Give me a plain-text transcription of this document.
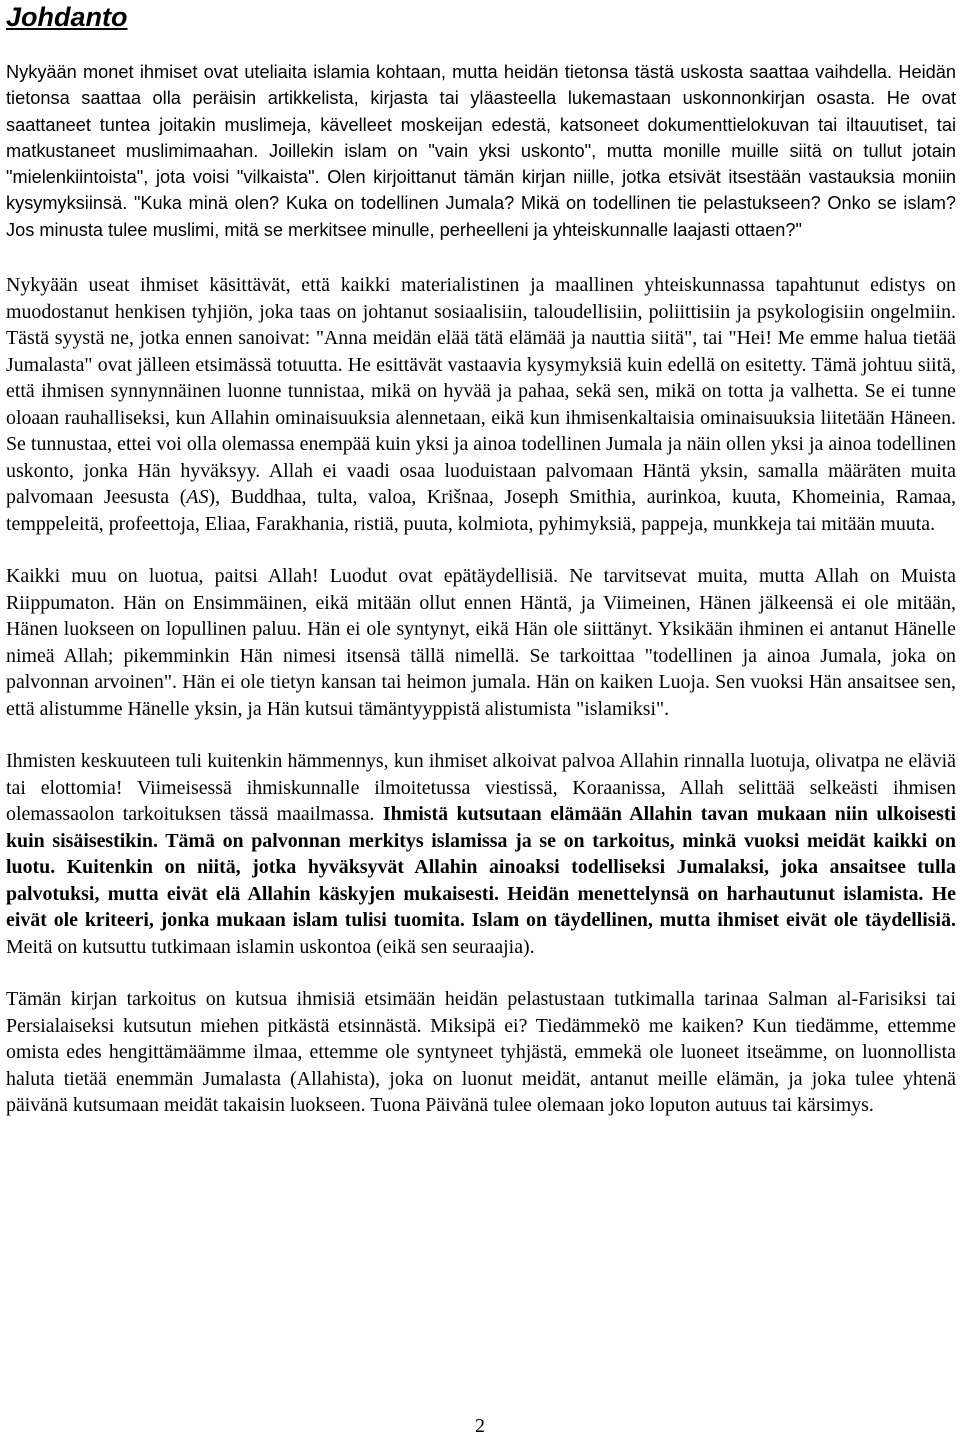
Johdanto

Nykyään monet ihmiset ovat uteliaita islamia kohtaan, mutta heidän tietonsa tästä uskosta saattaa vaihdella. Heidän tietonsa saattaa olla peräisin artikkelista, kirjasta tai yläasteella lukemastaan uskonnonkirjan osasta. He ovat saattaneet tuntea joitakin muslimeja, kävelleet moskeijan edestä, katsoneet dokumenttielokuvan tai iltauutiset, tai matkustaneet muslimimaahan. Joillekin islam on "vain yksi uskonto", mutta monille muille siitä on tullut jotain "mielenkiintoista", jota voisi "vilkaista". Olen kirjoittanut tämän kirjan niille, jotka etsivät itsestään vastauksia moniin kysymyksiinsä. "Kuka minä olen? Kuka on todellinen Jumala? Mikä on todellinen tie pelastukseen? Onko se islam? Jos minusta tulee muslimi, mitä se merkitsee minulle, perheelleni ja yhteiskunnalle laajasti ottaen?"

Nykyään useat ihmiset käsittävät, että kaikki materialistinen ja maallinen yhteiskunnassa tapahtunut edistys on muodostanut henkisen tyhjiön, joka taas on johtanut sosiaalisiin, taloudellisiin, poliittisiin ja psykologisiin ongelmiin. Tästä syystä ne, jotka ennen sanoivat: "Anna meidän elää tätä elämää ja nauttia siitä", tai "Hei! Me emme halua tietää Jumalasta" ovat jälleen etsimässä totuutta. He esittävät vastaavia kysymyksiä kuin edellä on esitetty. Tämä johtuu siitä, että ihmisen synnynnäinen luonne tunnistaa, mikä on hyvää ja pahaa, sekä sen, mikä on totta ja valhetta. Se ei tunne oloaan rauhalliseksi, kun Allahin ominaisuuksia alennetaan, eikä kun ihmisenkaltaisia ominaisuuksia liitetään Häneen. Se tunnustaa, ettei voi olla olemassa enempää kuin yksi ja ainoa todellinen Jumala ja näin ollen yksi ja ainoa todellinen uskonto, jonka Hän hyväksyy. Allah ei vaadi osaa luoduistaan palvomaan Häntä yksin, samalla määräten muita palvomaan Jeesusta (AS), Buddhaa, tulta, valoa, Krišnaa, Joseph Smithia, aurinkoa, kuuta, Khomeinia, Ramaa, temppeleitä, profeettoja, Eliaa, Farakhania, ristiä, puuta, kolmiota, pyhimyksiä, pappeja, munkkeja tai mitään muuta.

Kaikki muu on luotua, paitsi Allah! Luodut ovat epätäydellisiä. Ne tarvitsevat muita, mutta Allah on Muista Riippumaton. Hän on Ensimmäinen, eikä mitään ollut ennen Häntä, ja Viimeinen, Hänen jälkeensä ei ole mitään, Hänen luokseen on lopullinen paluu. Hän ei ole syntynyt, eikä Hän ole siittänyt. Yksikään ihminen ei antanut Hänelle nimeä Allah; pikemminkin Hän nimesi itsensä tällä nimellä. Se tarkoittaa "todellinen ja ainoa Jumala, joka on palvonnan arvoinen". Hän ei ole tietyn kansan tai heimon jumala. Hän on kaiken Luoja. Sen vuoksi Hän ansaitsee sen, että alistumme Hänelle yksin, ja Hän kutsui tämäntyyppistä alistumista "islamiksi".

Ihmisten keskuuteen tuli kuitenkin hämmennys, kun ihmiset alkoivat palvoa Allahin rinnalla luotuja, olivatpa ne eläviä tai elottomia! Viimeisessä ihmiskunnalle ilmoitetussa viestissä, Koraanissa, Allah selittää selkeästi ihmisen olemassaolon tarkoituksen tässä maailmassa. Ihmistä kutsutaan elämään Allahin tavan mukaan niin ulkoisesti kuin sisäisestikin. Tämä on palvonnan merkitys islamissa ja se on tarkoitus, minkä vuoksi meidät kaikki on luotu. Kuitenkin on niitä, jotka hyväksyvät Allahin ainoaksi todelliseksi Jumalaksi, joka ansaitsee tulla palvotuksi, mutta eivät elä Allahin käskyjen mukaisesti. Heidän menettelynsä on harhautunut islamista. He eivät ole kriteeri, jonka mukaan islam tulisi tuomita. Islam on täydellinen, mutta ihmiset eivät ole täydellisiä. Meitä on kutsuttu tutkimaan islamin uskontoa (eikä sen seuraajia).

Tämän kirjan tarkoitus on kutsua ihmisiä etsimään heidän pelastustaan tutkimalla tarinaa Salman al-Farisiksi tai Persialaiseksi kutsutun miehen pitkästä etsinnästä. Miksipä ei? Tiedämmekö me kaiken? Kun tiedämme, ettemme omista edes hengittämäämme ilmaa, ettemme ole syntyneet tyhjästä, emmekä ole luoneet itseämme, on luonnollista haluta tietää enemmän Jumalasta (Allahista), joka on luonut meidät, antanut meille elämän, ja joka tulee yhtenä päivänä kutsumaan meidät takaisin luokseen. Tuona Päivänä tulee olemaan joko loputon autuus tai kärsimys.

2
